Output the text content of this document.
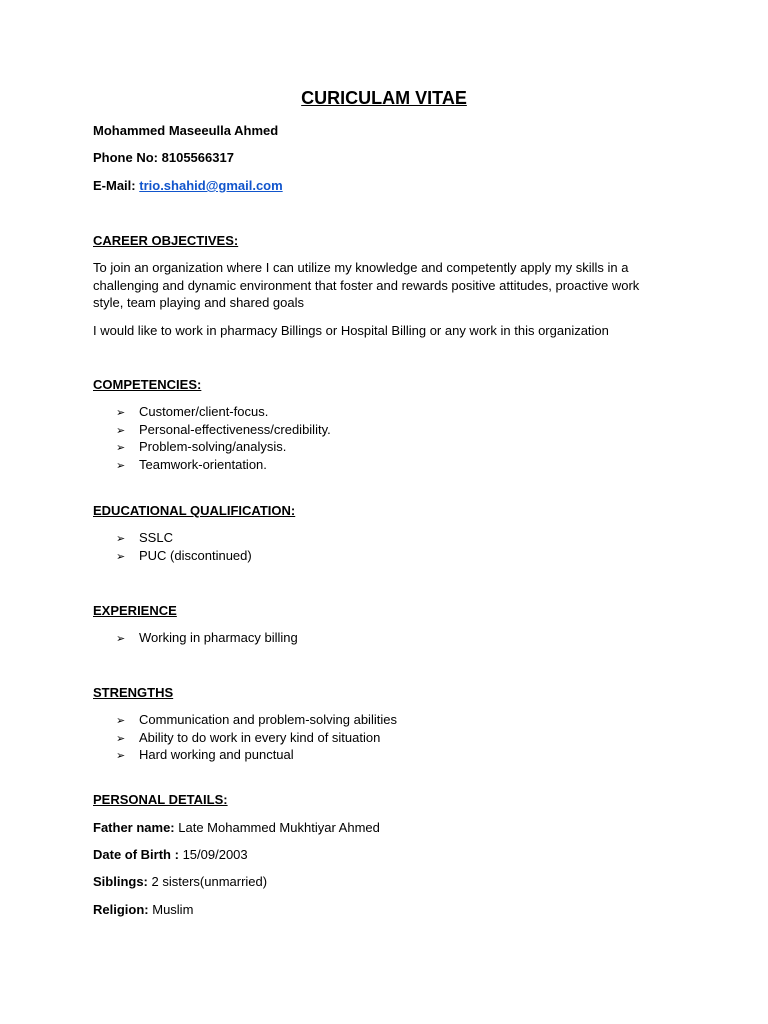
CURICULAM VITAE
Mohammed Maseeulla Ahmed
Phone No: 8105566317
E-Mail: trio.shahid@gmail.com
CAREER OBJECTIVES:
To join an organization where I can utilize my knowledge and competently apply my skills in a challenging and dynamic environment that foster and rewards positive attitudes, proactive work style, team playing and shared goals
I would like to work in pharmacy Billings or Hospital Billing or any work in this organization
COMPETENCIES:
➢ Customer/client-focus.
➢ Personal-effectiveness/credibility.
➢ Problem-solving/analysis.
➢ Teamwork-orientation.
EDUCATIONAL QUALIFICATION:
➢ SSLC
➢ PUC (discontinued)
EXPERIENCE
➢ Working in pharmacy billing
STRENGTHS
➢ Communication and problem-solving abilities
➢ Ability to do work in every kind of situation
➢ Hard working and punctual
PERSONAL DETAILS:
Father name: Late Mohammed Mukhtiyar Ahmed
Date of Birth : 15/09/2003
Siblings: 2 sisters(unmarried)
Religion: Muslim
